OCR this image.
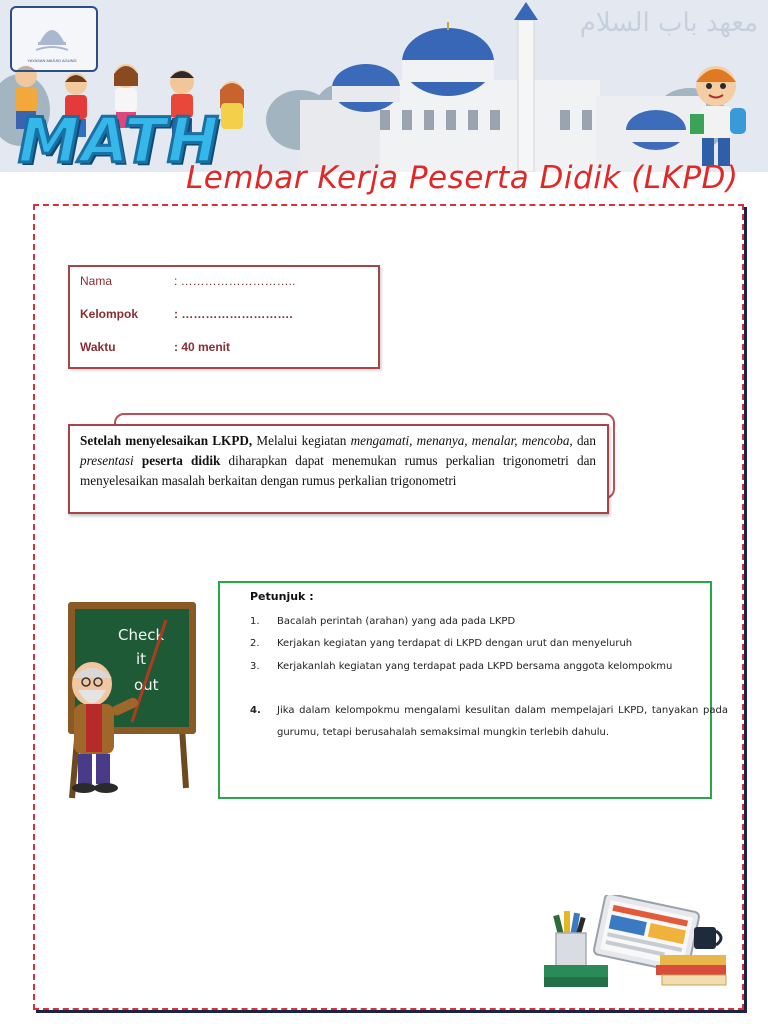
YAYASAN MASJID AGUNG
معهد باب السلام
MATH
Lembar Kerja Peserta Didik (LKPD)
Nama	: ………………………..
Kelompok	: ……………………….
Waktu	: 40 menit
Setelah menyelesaikan LKPD, Melalui kegiatan mengamati, menanya, menalar, mencoba, dan presentasi peserta didik diharapkan dapat menemukan rumus perkalian trigonometri dan menyelesaikan masalah berkaitan dengan rumus perkalian trigonometri
Check
it
out
Petunjuk :
1.	Bacalah perintah (arahan) yang ada pada LKPD
2.	Kerjakan kegiatan yang terdapat di LKPD dengan urut dan menyeluruh
3.	Kerjakanlah kegiatan yang terdapat pada LKPD bersama anggota kelompokmu
4.	Jika dalam kelompokmu mengalami kesulitan dalam mempelajari LKPD, tanyakan pada gurumu, tetapi berusahalah semaksimal mungkin terlebih dahulu.
